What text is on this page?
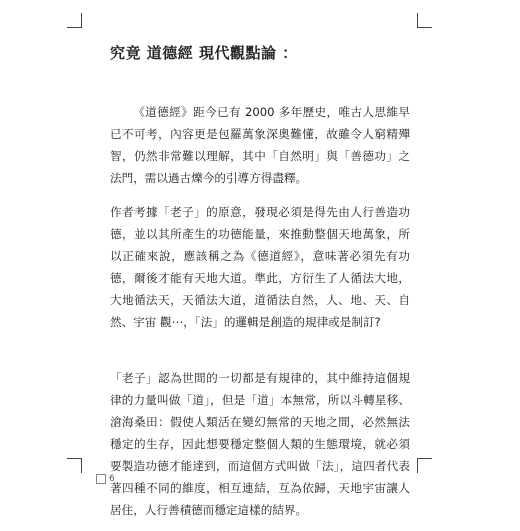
究竟 道德經 現代觀點論 ：

《道德經》距今已有 2000 多年歷史，唯古人思維早已不可考，內容更是包羅萬象深奧難懂，故雖令人窮精殫智，仍然非常難以理解，其中「自然明」與「善德功」之法門，需以過古爍今的引導方得盡釋。

作者考據「老子」的原意，發現必須是得先由人行善造功德，並以其所產生的功德能量，來推動整個天地萬象，所以正確來說，應該稱之為《德道經》，意味著必須先有功德，爾後才能有天地大道。準此，方衍生了人循法大地，大地循法天，天循法大道，道循法自然，人、地、天、自然、宇宙 觀⋯，「法」的邏輯是創造的規律或是制訂?

「老子」認為世間的一切都是有規律的，其中維持這個規律的力量叫做「道」，但是「道」本無常，所以斗轉星移、滄海桑田：假使人類活在變幻無常的天地之間，必然無法穩定的生存，因此想要穩定整個人類的生態環境，就必須要製造功德才能達到，而這個方式叫做「法」，這四者代表著四種不同的維度，相互連結，互為依歸，天地宇宙讓人居住，人行善積德而穩定這樣的結界。

6
